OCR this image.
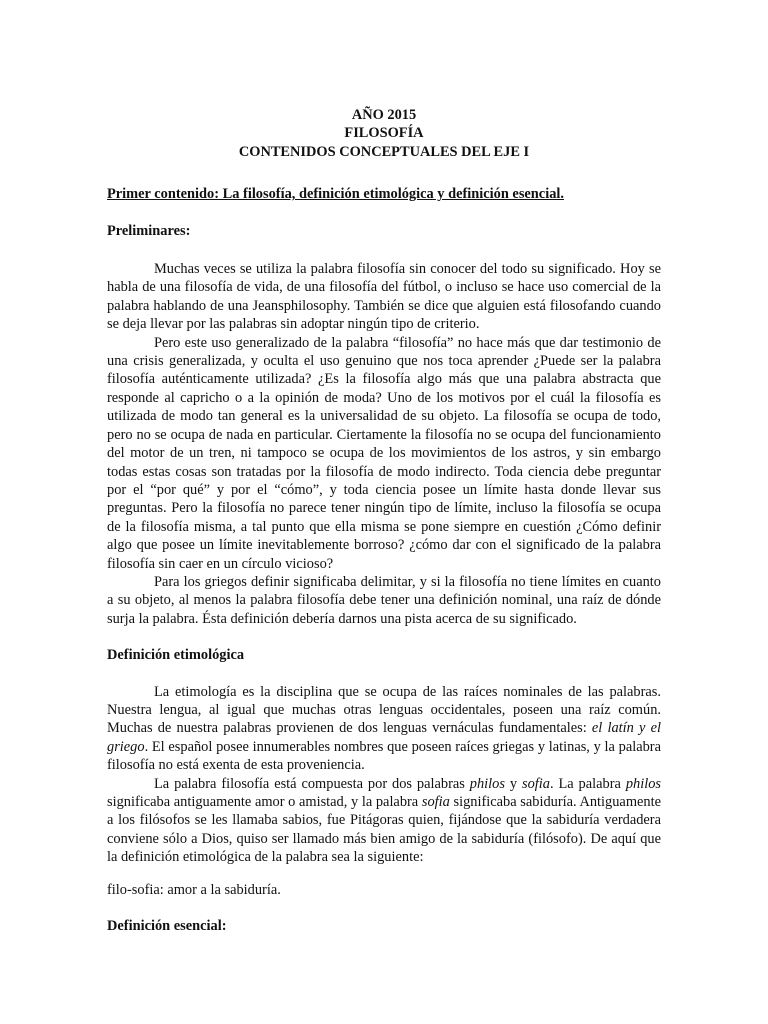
AÑO 2015
FILOSOFÍA
CONTENIDOS CONCEPTUALES DEL EJE I
Primer contenido: La filosofía, definición etimológica y definición esencial.
Preliminares:

Muchas veces se utiliza la palabra filosofía sin conocer del todo su significado. Hoy se habla de una filosofía de vida, de una filosofía del fútbol, o incluso se hace uso comercial de la palabra hablando de una Jeansphilosophy. También se dice que alguien está filosofando cuando se deja llevar por las palabras sin adoptar ningún tipo de criterio.

Pero este uso generalizado de la palabra “filosofía” no hace más que dar testimonio de una crisis generalizada, y oculta el uso genuino que nos toca aprender ¿Puede ser la palabra filosofía auténticamente utilizada? ¿Es la filosofía algo más que una palabra abstracta que responde al capricho o a la opinión de moda? Uno de los motivos por el cuál la filosofía es utilizada de modo tan general es la universalidad de su objeto. La filosofía se ocupa de todo, pero no se ocupa de nada en particular. Ciertamente la filosofía no se ocupa del funcionamiento del motor de un tren, ni tampoco se ocupa de los movimientos de los astros, y sin embargo todas estas cosas son tratadas por la filosofía de modo indirecto. Toda ciencia debe preguntar por el “por qué” y por el “cómo”, y toda ciencia posee un límite hasta donde llevar sus preguntas. Pero la filosofía no parece tener ningún tipo de límite, incluso la filosofía se ocupa de la filosofía misma, a tal punto que ella misma se pone siempre en cuestión ¿Cómo definir algo que posee un límite inevitablemente borroso? ¿cómo dar con el significado de la palabra filosofía sin caer en un círculo vicioso?

Para los griegos definir significaba delimitar, y si la filosofía no tiene límites en cuanto a su objeto, al menos la palabra filosofía debe tener una definición nominal, una raíz de dónde surja la palabra. Ésta definición debería darnos una pista acerca de su significado.

Definición etimológica

La etimología es la disciplina que se ocupa de las raíces nominales de las palabras. Nuestra lengua, al igual que muchas otras lenguas occidentales, poseen una raíz común. Muchas de nuestra palabras provienen de dos lenguas vernáculas fundamentales: el latín y el griego. El español posee innumerables nombres que poseen raíces griegas y latinas, y la palabra filosofía no está exenta de esta proveniencia.

La palabra filosofía está compuesta por dos palabras philos y sofia. La palabra philos significaba antiguamente amor o amistad, y la palabra sofia significaba sabiduría. Antiguamente a los filósofos se les llamaba sabios, fue Pitágoras quien, fijándose que la sabiduría verdadera conviene sólo a Dios, quiso ser llamado más bien amigo de la sabiduría (filósofo). De aquí que la definición etimológica de la palabra sea la siguiente:

filo-sofia: amor a la sabiduría.

Definición esencial:
